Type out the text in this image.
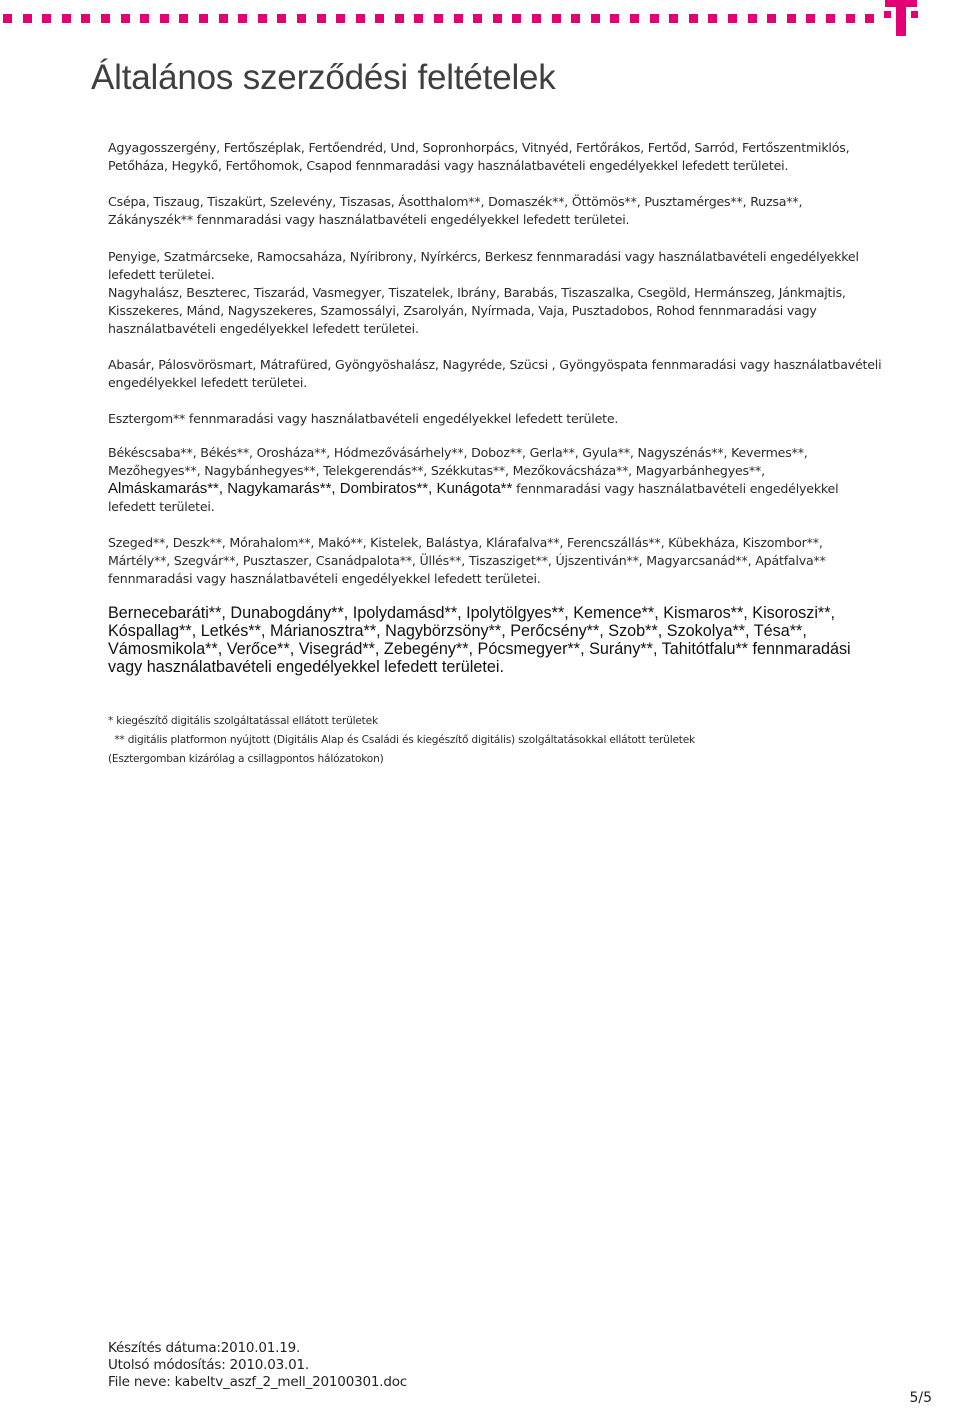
Általános szerződési feltételek

Agyagosszergény, Fertőszéplak, Fertőendréd, Und, Sopronhorpács, Vitnyéd, Fertőrákos, Fertőd, Sarród, Fertőszentmiklós,
Petőháza, Hegykő, Fertőhomok, Csapod fennmaradási vagy használatbavételi engedélyekkel lefedett területei.

Csépa, Tiszaug, Tiszakürt, Szelevény, Tiszasas, Ásotthalom**, Domaszék**, Öttömös**, Pusztamérges**, Ruzsa**,
Zákányszék** fennmaradási vagy használatbavételi engedélyekkel lefedett területei.

Penyige, Szatmárcseke, Ramocsaháza, Nyíribrony, Nyírkércs, Berkesz fennmaradási vagy használatbavételi engedélyekkel
lefedett területei.
Nagyhalász, Beszterec, Tiszarád, Vasmegyer, Tiszatelek, Ibrány, Barabás, Tiszaszalka, Csegöld, Hermánszeg, Jánkmajtis,
Kisszekeres, Mánd, Nagyszekeres, Szamossályi, Zsarolyán, Nyírmada, Vaja, Pusztadobos, Rohod fennmaradási vagy
használatbavételi engedélyekkel lefedett területei.

Abasár, Pálosvörösmart, Mátrafüred, Gyöngyöshalász, Nagyréde, Szücsi , Gyöngyöspata fennmaradási vagy használatbavételi
engedélyekkel lefedett területei.

Esztergom** fennmaradási vagy használatbavételi engedélyekkel lefedett területe.

Békéscsaba**, Békés**, Orosháza**, Hódmezővásárhely**, Doboz**, Gerla**, Gyula**, Nagyszénás**, Kevermes**,
Mezőhegyes**, Nagybánhegyes**, Telekgerendás**, Székkutas**, Mezőkovácsháza**, Magyarbánhegyes**,
Almáskamarás**, Nagykamarás**, Dombiratos**, Kunágota** fennmaradási vagy használatbavételi engedélyekkel
lefedett területei.

Szeged**, Deszk**, Mórahalom**, Makó**, Kistelek, Balástya, Klárafalva**, Ferencszállás**, Kübekháza, Kiszombor**,
Mártély**, Szegvár**, Pusztaszer, Csanádpalota**, Üllés**, Tiszasziget**, Újszentiván**, Magyarcsanád**, Apátfalva**
fennmaradási vagy használatbavételi engedélyekkel lefedett területei.

Bernecebaráti**, Dunabogdány**, Ipolydamásd**, Ipolytölgyes**, Kemence**, Kismaros**, Kisoroszi**,
Kóspallag**, Letkés**, Márianosztra**, Nagybörzsöny**, Perőcsény**, Szob**, Szokolya**, Tésa**,
Vámosmikola**, Verőce**, Visegrád**, Zebegény**, Pócsmegyer**, Surány**, Tahitótfalu** fennmaradási
vagy használatbavételi engedélyekkel lefedett területei.

* kiegészítő digitális szolgáltatással ellátott területek
** digitális platformon nyújtott (Digitális Alap és Családi és kiegészítő digitális) szolgáltatásokkal ellátott területek
(Esztergomban kizárólag a csillagpontos hálózatokon)

Készítés dátuma:2010.01.19.
Utolsó módosítás: 2010.03.01.
File neve: kabeltv_aszf_2_mell_20100301.doc

5/5
